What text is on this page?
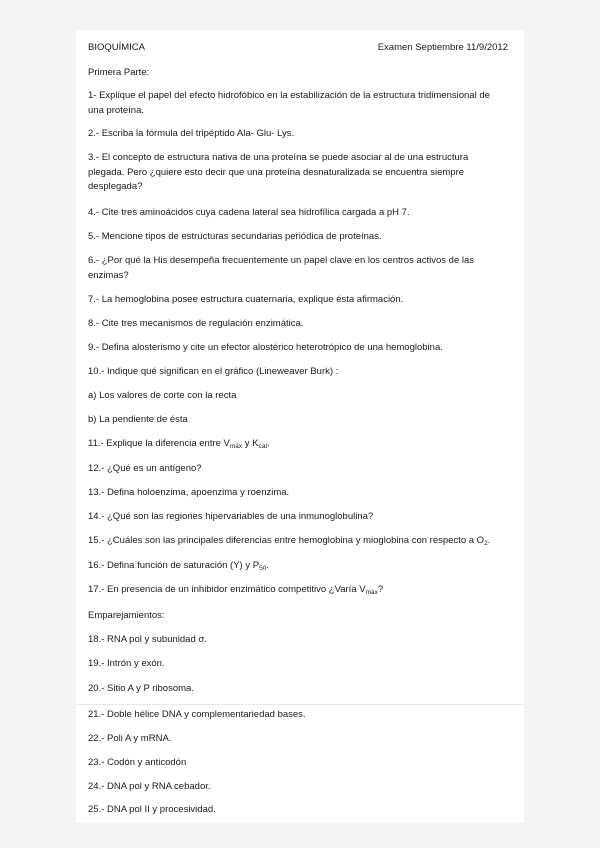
BIOQUÍMICA	Examen Septiembre 11/9/2012
Primera Parte:
1- Explique el papel del efecto hidrofóbico en la estabilización de la estructura tridimensional de una proteína.
2.- Escriba la fórmula del tripéptido Ala- Glu- Lys.
3.- El concepto de estructura nativa de una proteína se puede asociar al de una estructura plegada. Pero ¿quiere esto decir que una proteína desnaturalizada se encuentra siempre desplegada?
4.- Cite tres aminoácidos cuya cadena lateral sea hidrofílica cargada a pH 7.
5.- Mencione tipos de estructuras secundarias periódica de proteínas.
6.- ¿Por qué la His desempeña frecuentemente un papel clave en los centros activos de las enzimas?
7.- La hemoglobina posee estructura cuaternaria, explique ésta afirmación.
8.- Cite tres mecanismos de regulación enzimática.
9.- Defina alosterismo y cite un efector alostérico heterotrópico de una hemoglobina.
10.- Indique qué significan en el gráfico (Lineweaver Burk) :
a) Los valores de corte con la recta
b) La pendiente de ésta
11.- Explique la diferencia entre $V_{máx}$ y $K_{cat}$.
12.- ¿Qué es un antígeno?
13.- Defina holoenzima, apoenzima y roenzima.
14.- ¿Qué son las regiones hipervariables de una inmunoglobulina?
15.- ¿Cuáles son las principales diferencias entre hemoglobina y mioglobina con respecto a $O_2$.
16.- Defina función de saturación (Y) y $P_{50}$.
17.- En presencia de un inhibidor enzimático competitivo ¿Varía $V_{máx}$?
Emparejamientos:
18.- RNA pol y subunidad σ.
19.- Intrón y exón.
20.- Sitio A y P ribosoma.
21.- Doble hélice DNA y complementariedad bases.
22.- Poli A y mRNA.
23.- Codón y anticodón
24.- DNA pol y RNA cebador.
25.- DNA pol II y procesividad.
